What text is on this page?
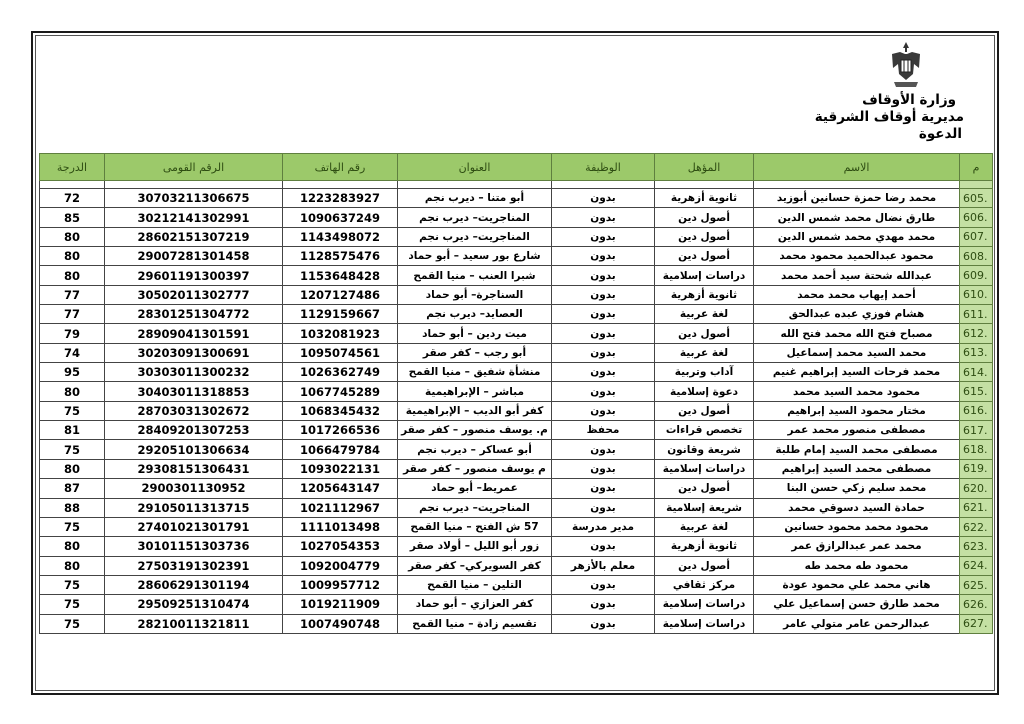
وزارة الأوقاف
مديرية أوقاف الشرقية
الدعوة
م	الاسم	المؤهل	الوظيفة	العنوان	رقم الهاتف	الرقم القومى	الدرجة

605.	محمد رضا حمزة حسانين أبوزيد	ثانوية أزهرية	بدون	أبو متنا – ديرب نجم	1223283927	30703211306675	72
606.	طارق نضال محمد شمس الدين	أصول دين	بدون	المناجريت– ديرب نجم	1090637249	30212141302991	85
607.	محمد مهدي محمد شمس الدين	أصول دين	بدون	المناجريت– ديرب نجم	1143498072	28602151307219	80
608.	محمود عبدالحميد محمود محمد	أصول دين	بدون	شارع بور سعيد – أبو حماد	1128575476	29007281301458	80
609.	عبدالله شحتة سيد أحمد محمد	دراسات إسلامية	بدون	شبرا العنب – منيا القمح	1153648428	29601191300397	80
610.	أحمد إيهاب محمد محمد	ثانوية أزهرية	بدون	السناجرة– أبو حماد	1207127486	30502011302777	77
611.	هشام فوزي عبده عبدالحق	لغة عربية	بدون	العصايد– ديرب نجم	1129159667	28301251304772	77
612.	مصباح فتح الله محمد فتح الله	أصول دين	بدون	ميت ردين – أبو حماد	1032081923	28909041301591	79
613.	محمد السيد محمد إسماعيل	لغة عربية	بدون	أبو رجب – كفر صقر	1095074561	30203091300691	74
614.	محمد فرحات السيد إبراهيم غنيم	آداب وتربية	بدون	منشأة شفيق – منيا القمح	1026362749	30303011300232	95
615.	محمود محمد السيد محمد	دعوة إسلامية	بدون	مباشر – الإبراهيمية	1067745289	30403011318853	80
616.	مختار محمود السيد إبراهيم	أصول دين	بدون	كفر أبو الديب – الإبراهيمية	1068345432	28703031302672	75
617.	مصطفى منصور محمد عمر	تخصص قراءات	محفظ	م. يوسف منصور – كفر صقر	1017266536	28409201307253	81
618.	مصطفى محمد السيد إمام طلبة	شريعة وقانون	بدون	أبو عساكر – ديرب نجم	1066479784	29205101306634	75
619.	مصطفى محمد السيد إبراهيم	دراسات إسلامية	بدون	م يوسف منصور – كفر صقر	1093022131	29308151306431	80
620.	محمد سليم زكي حسن البنا	أصول دين	بدون	عمريط– أبو حماد	1205643147	2900301130952	87
621.	حمادة السيد دسوقي محمد	شريعة إسلامية	بدون	المناجريت– ديرب نجم	1021112967	29105011313715	88
622.	محمود محمد محمود حسانين	لغة عربية	مدير مدرسة	57 ش الفتح – منيا القمح	1111013498	27401021301791	75
623.	محمد عمر عبدالرازق عمر	ثانوية أزهرية	بدون	زور أبو الليل – أولاد صقر	1027054353	30101151303736	80
624.	محمود طه محمد طه	أصول دين	معلم بالأزهر	كفر السويركي– كفر صقر	1092004779	27503191302391	80
625.	هاني محمد علي محمود عودة	مركز ثقافي	بدون	التلين – منيا القمح	1009957712	28606291301194	75
626.	محمد طارق حسن إسماعيل علي	دراسات إسلامية	بدون	كفر العزازي – أبو حماد	1019211909	29509251310474	75
627.	عبدالرحمن عامر متولي عامر	دراسات إسلامية	بدون	تقسيم زادة – منيا القمح	1007490748	28210011321811	75
